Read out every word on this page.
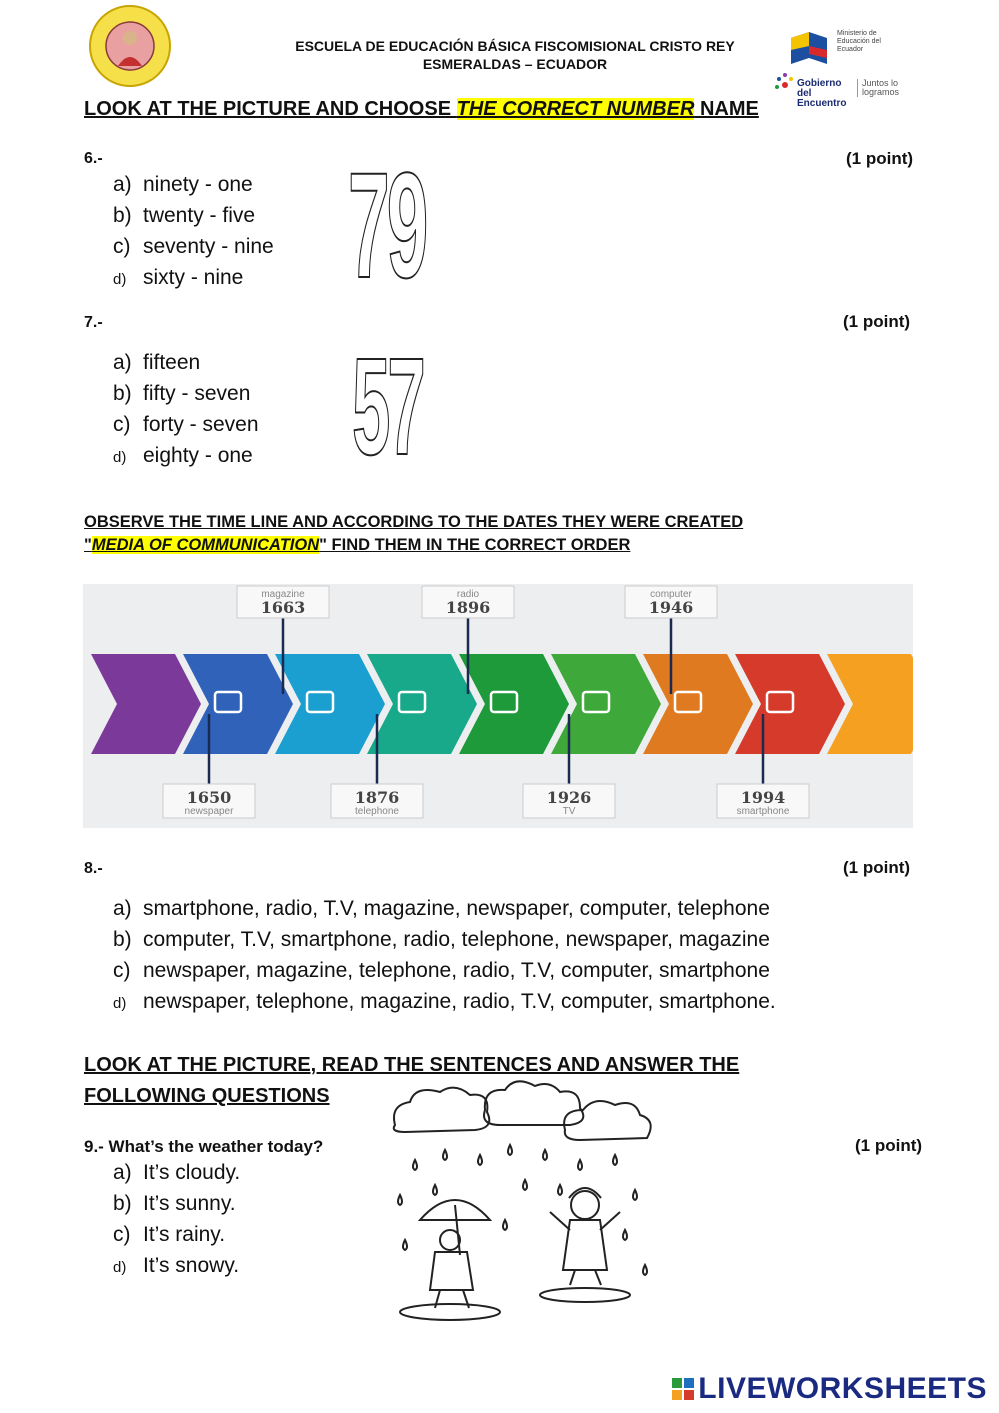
ESCUELA DE EDUCACIÓN BÁSICA FISCOMISIONAL CRISTO REY
ESMERALDAS – ECUADOR
Ministerio de Educación del Ecuador
Gobierno del Encuentro
Juntos lo logramos
LOOK AT THE PICTURE AND CHOOSE THE CORRECT NUMBER NAME
6.-	(1 point)
a) ninety - one
b) twenty - five
c) seventy - nine
d) sixty - nine 79
7.-	(1 point)
a) fifteen
b) fifty - seven
c) forty - seven
d) eighty - one 57
OBSERVE THE TIME LINE AND ACCORDING TO THE DATES THEY WERE CREATED
"MEDIA OF COMMUNICATION" FIND THEM IN THE CORRECT ORDER
magazine
1663
radio
1896
computer
1946
1650
newspaper
1876
telephone
1926
TV
1994
smartphone
8.-	(1 point)
a) smartphone, radio, T.V, magazine, newspaper, computer, telephone
b) computer, T.V, smartphone, radio, telephone, newspaper, magazine
c) newspaper, magazine, telephone, radio, T.V, computer, smartphone
d) newspaper, telephone, magazine, radio, T.V, computer, smartphone.
LOOK AT THE PICTURE, READ THE SENTENCES AND ANSWER THE
FOLLOWING QUESTIONS
9.- What’s the weather today?	(1 point)
a) It’s cloudy.
b) It’s sunny.
c) It’s rainy.
d) It’s snowy.
LIVEWORKSHEETS
